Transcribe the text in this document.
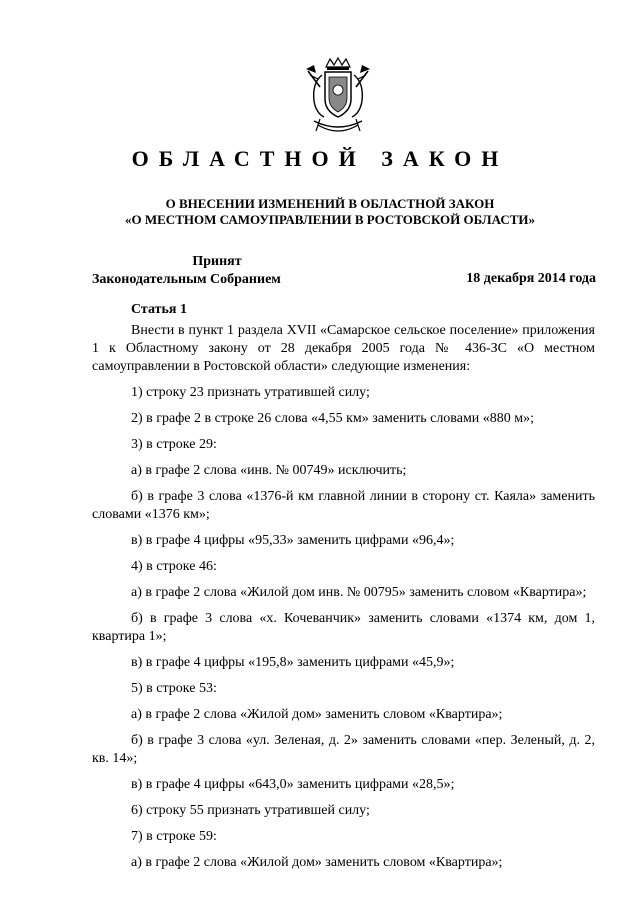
ОБЛАСТНОЙ ЗАКОН
О ВНЕСЕНИИ ИЗМЕНЕНИЙ В ОБЛАСТНОЙ ЗАКОН
«О МЕСТНОМ САМОУПРАВЛЕНИИ В РОСТОВСКОЙ ОБЛАСТИ»
Принят
Законодательным Собранием	18 декабря 2014 года
Статья 1

Внести в пункт 1 раздела XVII «Самарское сельское поселение» приложения 1 к Областному закону от 28 декабря 2005 года № 436-ЗС «О местном самоуправлении в Ростовской области» следующие изменения:

1) строку 23 признать утратившей силу;

2) в графе 2 в строке 26 слова «4,55 км» заменить словами «880 м»;

3) в строке 29:

а) в графе 2 слова «инв. № 00749» исключить;

б) в графе 3 слова «1376-й км главной линии в сторону ст. Каяла» заменить словами «1376 км»;

в) в графе 4 цифры «95,33» заменить цифрами «96,4»;

4) в строке 46:

а) в графе 2 слова «Жилой дом инв. № 00795» заменить словом «Квартира»;

б) в графе 3 слова «х. Кочеванчик» заменить словами «1374 км, дом 1, квартира 1»;

в) в графе 4 цифры «195,8» заменить цифрами «45,9»;

5) в строке 53:

а) в графе 2 слова «Жилой дом» заменить словом «Квартира»;

б) в графе 3 слова «ул. Зеленая, д. 2» заменить словами «пер. Зеленый, д. 2, кв. 14»;

в) в графе 4 цифры «643,0» заменить цифрами «28,5»;

6) строку 55 признать утратившей силу;

7) в строке 59:

а) в графе 2 слова «Жилой дом» заменить словом «Квартира»;
